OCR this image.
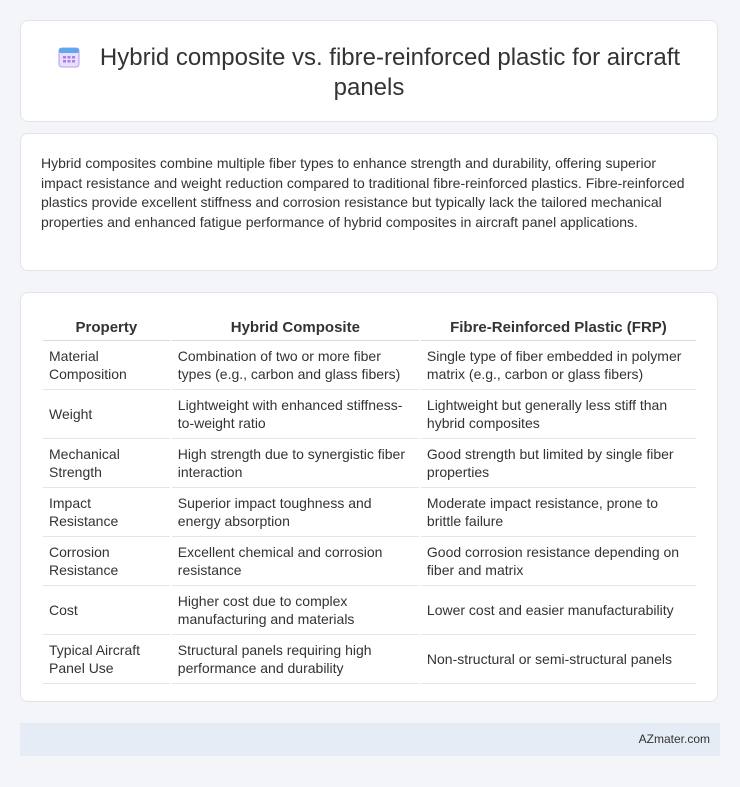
Hybrid composite vs. fibre-reinforced plastic for aircraft panels

Hybrid composites combine multiple fiber types to enhance strength and durability, offering superior impact resistance and weight reduction compared to traditional fibre-reinforced plastics. Fibre-reinforced plastics provide excellent stiffness and corrosion resistance but typically lack the tailored mechanical properties and enhanced fatigue performance of hybrid composites in aircraft panel applications.

Property	Hybrid Composite	Fibre-Reinforced Plastic (FRP)
Material Composition	Combination of two or more fiber types (e.g., carbon and glass fibers)	Single type of fiber embedded in polymer matrix (e.g., carbon or glass fibers)
Weight	Lightweight with enhanced stiffness-to-weight ratio	Lightweight but generally less stiff than hybrid composites
Mechanical Strength	High strength due to synergistic fiber interaction	Good strength but limited by single fiber properties
Impact Resistance	Superior impact toughness and energy absorption	Moderate impact resistance, prone to brittle failure
Corrosion Resistance	Excellent chemical and corrosion resistance	Good corrosion resistance depending on fiber and matrix
Cost	Higher cost due to complex manufacturing and materials	Lower cost and easier manufacturability
Typical Aircraft Panel Use	Structural panels requiring high performance and durability	Non-structural or semi-structural panels
AZmater.com
